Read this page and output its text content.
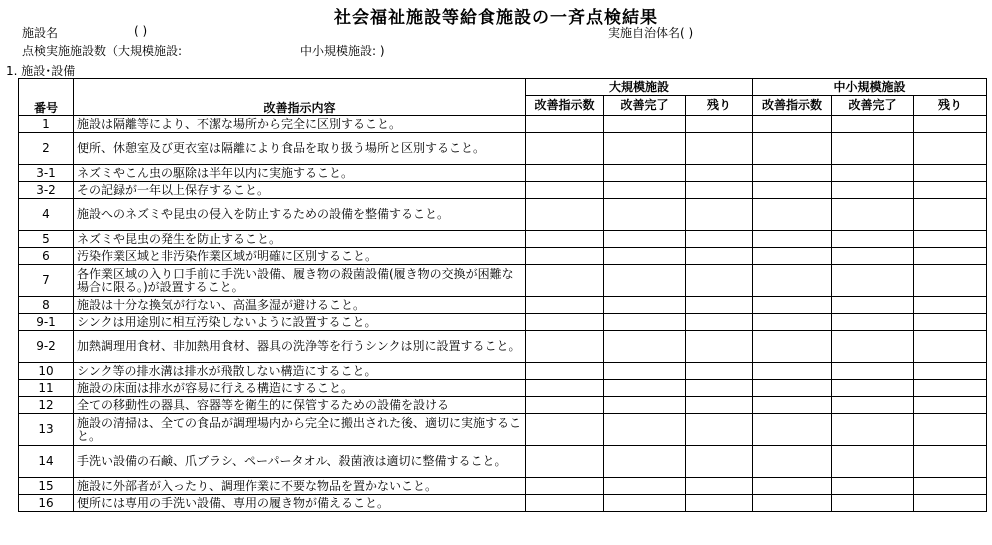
社会福祉施設等給食施設の一斉点検結果
施設名	( )	実施自治体名( )
点検実施施設数（大規模施設:	中小規模施設: )
1. 施設･設備
番号	改善指示内容	大規模施設			中小規模施設		
		改善指示数	改善完了	残り	改善指示数	改善完了	残り
1	施設は隔離等により、不潔な場所から完全に区別すること。						
2	便所、休憩室及び更衣室は隔離により食品を取り扱う場所と区別すること。						
3-1	ネズミやこん虫の駆除は半年以内に実施すること。						
3-2	その記録が一年以上保存すること。						
4	施設へのネズミや昆虫の侵入を防止するための設備を整備すること。						
5	ネズミや昆虫の発生を防止すること。						
6	汚染作業区域と非汚染作業区域が明確に区別すること。						
7	各作業区域の入り口手前に手洗い設備、履き物の殺菌設備(履き物の交換が困難な場合に限る。)が設置すること。						
8	施設は十分な換気が行ない、高温多湿が避けること。						
9-1	シンクは用途別に相互汚染しないように設置すること。						
9-2	加熱調理用食材、非加熱用食材、器具の洗浄等を行うシンクは別に設置すること。						
10	シンク等の排水溝は排水が飛散しない構造にすること。						
11	施設の床面は排水が容易に行える構造にすること。						
12	全ての移動性の器具、容器等を衛生的に保管するための設備を設ける						
13	施設の清掃は、全ての食品が調理場内から完全に搬出された後、適切に実施すること。						
14	手洗い設備の石鹸、爪ブラシ、ペーパータオル、殺菌液は適切に整備すること。						
15	施設に外部者が入ったり、調理作業に不要な物品を置かないこと。						
16	便所には専用の手洗い設備、専用の履き物が備えること。						
